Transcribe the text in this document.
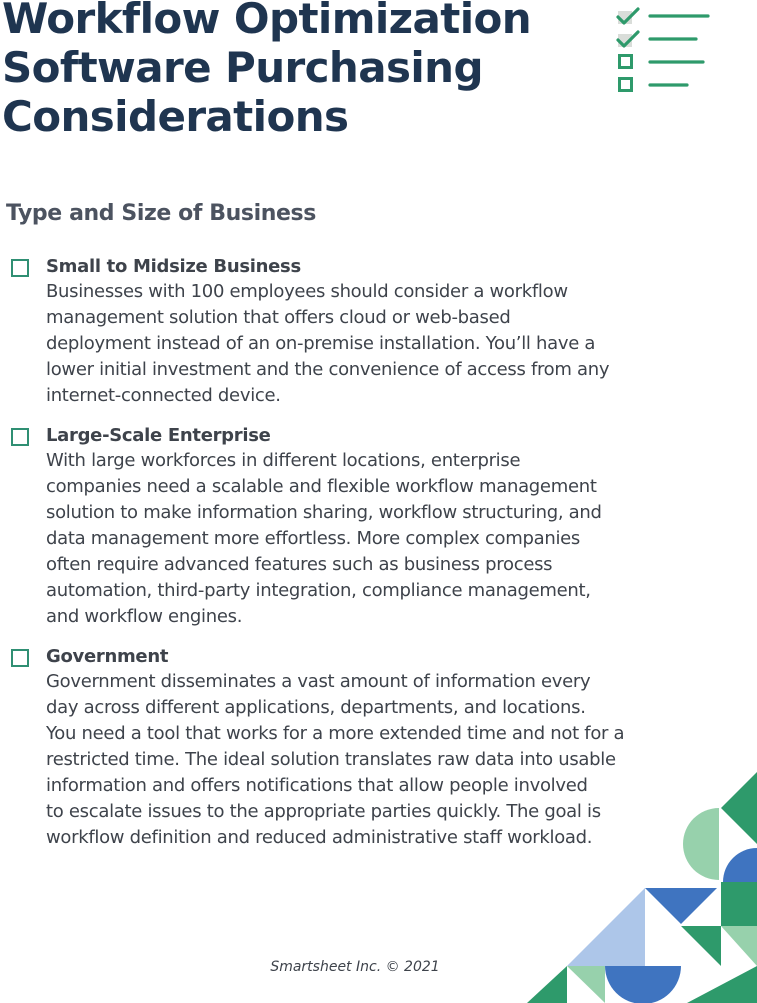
Workflow Optimization
Software Purchasing
Considerations
Type and Size of Business
Small to Midsize Business
Businesses with 100 employees should consider a workflow
management solution that offers cloud or web-based
deployment instead of an on-premise installation. You’ll have a
lower initial investment and the convenience of access from any
internet-connected device.
Large-Scale Enterprise
With large workforces in different locations, enterprise
companies need a scalable and flexible workflow management
solution to make information sharing, workflow structuring, and
data management more effortless. More complex companies
often require advanced features such as business process
automation, third-party integration, compliance management,
and workflow engines.
Government
Government disseminates a vast amount of information every
day across different applications, departments, and locations.
You need a tool that works for a more extended time and not for a
restricted time. The ideal solution translates raw data into usable
information and offers notifications that allow people involved
to escalate issues to the appropriate parties quickly. The goal is
workflow definition and reduced administrative staff workload.
Smartsheet Inc. © 2021
